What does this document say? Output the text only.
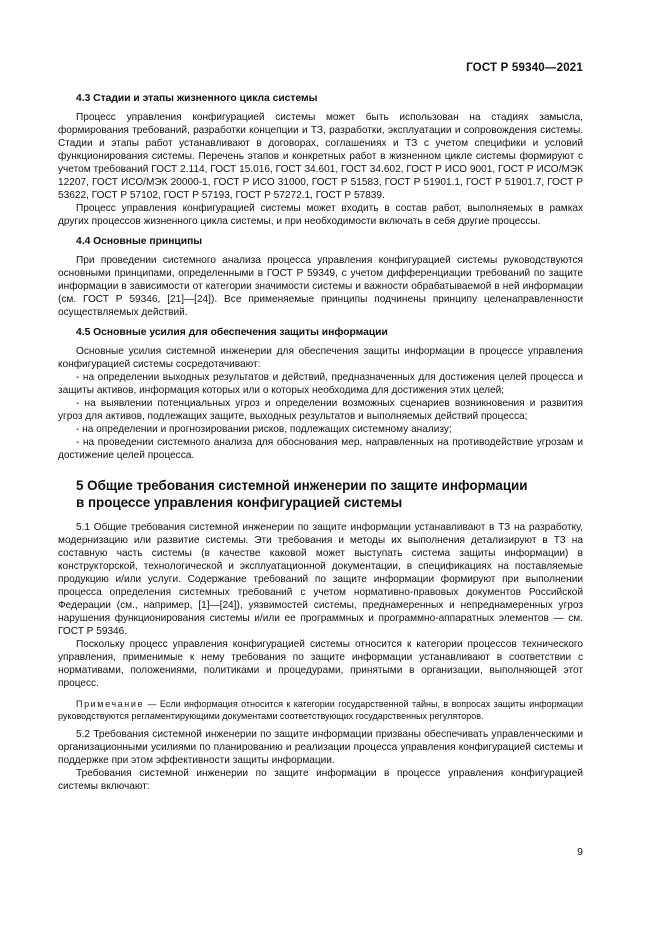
ГОСТ Р 59340—2021
4.3 Стадии и этапы жизненного цикла системы

Процесс управления конфигурацией системы может быть использован на стадиях замысла, формирования требований, разработки концепции и ТЗ, разработки, эксплуатации и сопровождения системы. Стадии и этапы работ устанавливают в договорах, соглашениях и ТЗ с учетом специфики и условий функционирования системы. Перечень этапов и конкретных работ в жизненном цикле системы формируют с учетом требований ГОСТ 2.114, ГОСТ 15.016, ГОСТ 34.601, ГОСТ 34.602, ГОСТ Р ИСО 9001, ГОСТ Р ИСО/МЭК 12207, ГОСТ ИСО/МЭК 20000-1, ГОСТ Р ИСО 31000, ГОСТ Р 51583, ГОСТ Р 51901.1, ГОСТ Р 51901.7, ГОСТ Р 53622, ГОСТ Р 57102, ГОСТ Р 57193, ГОСТ Р 57272.1, ГОСТ Р 57839.

Процесс управления конфигурацией системы может входить в состав работ, выполняемых в рамках других процессов жизненного цикла системы, и при необходимости включать в себя другие процессы.

4.4 Основные принципы

При проведении системного анализа процесса управления конфигурацией системы руководствуются основными принципами, определенными в ГОСТ Р 59349, с учетом дифференциации требований по защите информации в зависимости от категории значимости системы и важности обрабатываемой в ней информации (см. ГОСТ Р 59346, [21]—[24]). Все применяемые принципы подчинены принципу целенаправленности осуществляемых действий.

4.5 Основные усилия для обеспечения защиты информации

Основные усилия системной инженерии для обеспечения защиты информации в процессе управления конфигурацией системы сосредотачивают:

- на определении выходных результатов и действий, предназначенных для достижения целей процесса и защиты активов, информация которых или о которых необходима для достижения этих целей;

- на выявлении потенциальных угроз и определении возможных сценариев возникновения и развития угроз для активов, подлежащих защите, выходных результатов и выполняемых действий процесса;

- на определении и прогнозировании рисков, подлежащих системному анализу;

- на проведении системного анализа для обоснования мер, направленных на противодействие угрозам и достижение целей процесса.

5 Общие требования системной инженерии по защите информации
в процессе управления конфигурацией системы

5.1 Общие требования системной инженерии по защите информации устанавливают в ТЗ на разработку, модернизацию или развитие системы. Эти требования и методы их выполнения детализируют в ТЗ на составную часть системы (в качестве каковой может выступать система защиты информации) в конструкторской, технологической и эксплуатационной документации, в спецификациях на поставляемые продукцию и/или услуги. Содержание требований по защите информации формируют при выполнении процесса определения системных требований с учетом нормативно-правовых документов Российской Федерации (см., например, [1]—[24]), уязвимостей системы, преднамеренных и непреднамеренных угроз нарушения функционирования системы и/или ее программных и программно-аппаратных элементов — см. ГОСТ Р 59346.

Поскольку процесс управления конфигурацией системы относится к категории процессов технического управления, применимые к нему требования по защите информации устанавливают в соответствии с нормативами, положениями, политиками и процедурами, принятыми в организации, выполняющей этот процесс.

Примечание — Если информация относится к категории государственной тайны, в вопросах защиты информации руководствуются регламентирующими документами соответствующих государственных регуляторов.

5.2 Требования системной инженерии по защите информации призваны обеспечивать управленческими и организационными усилиями по планированию и реализации процесса управления конфигурацией системы и поддержке при этом эффективности защиты информации.

Требования системной инженерии по защите информации в процессе управления конфигурацией системы включают:

9
